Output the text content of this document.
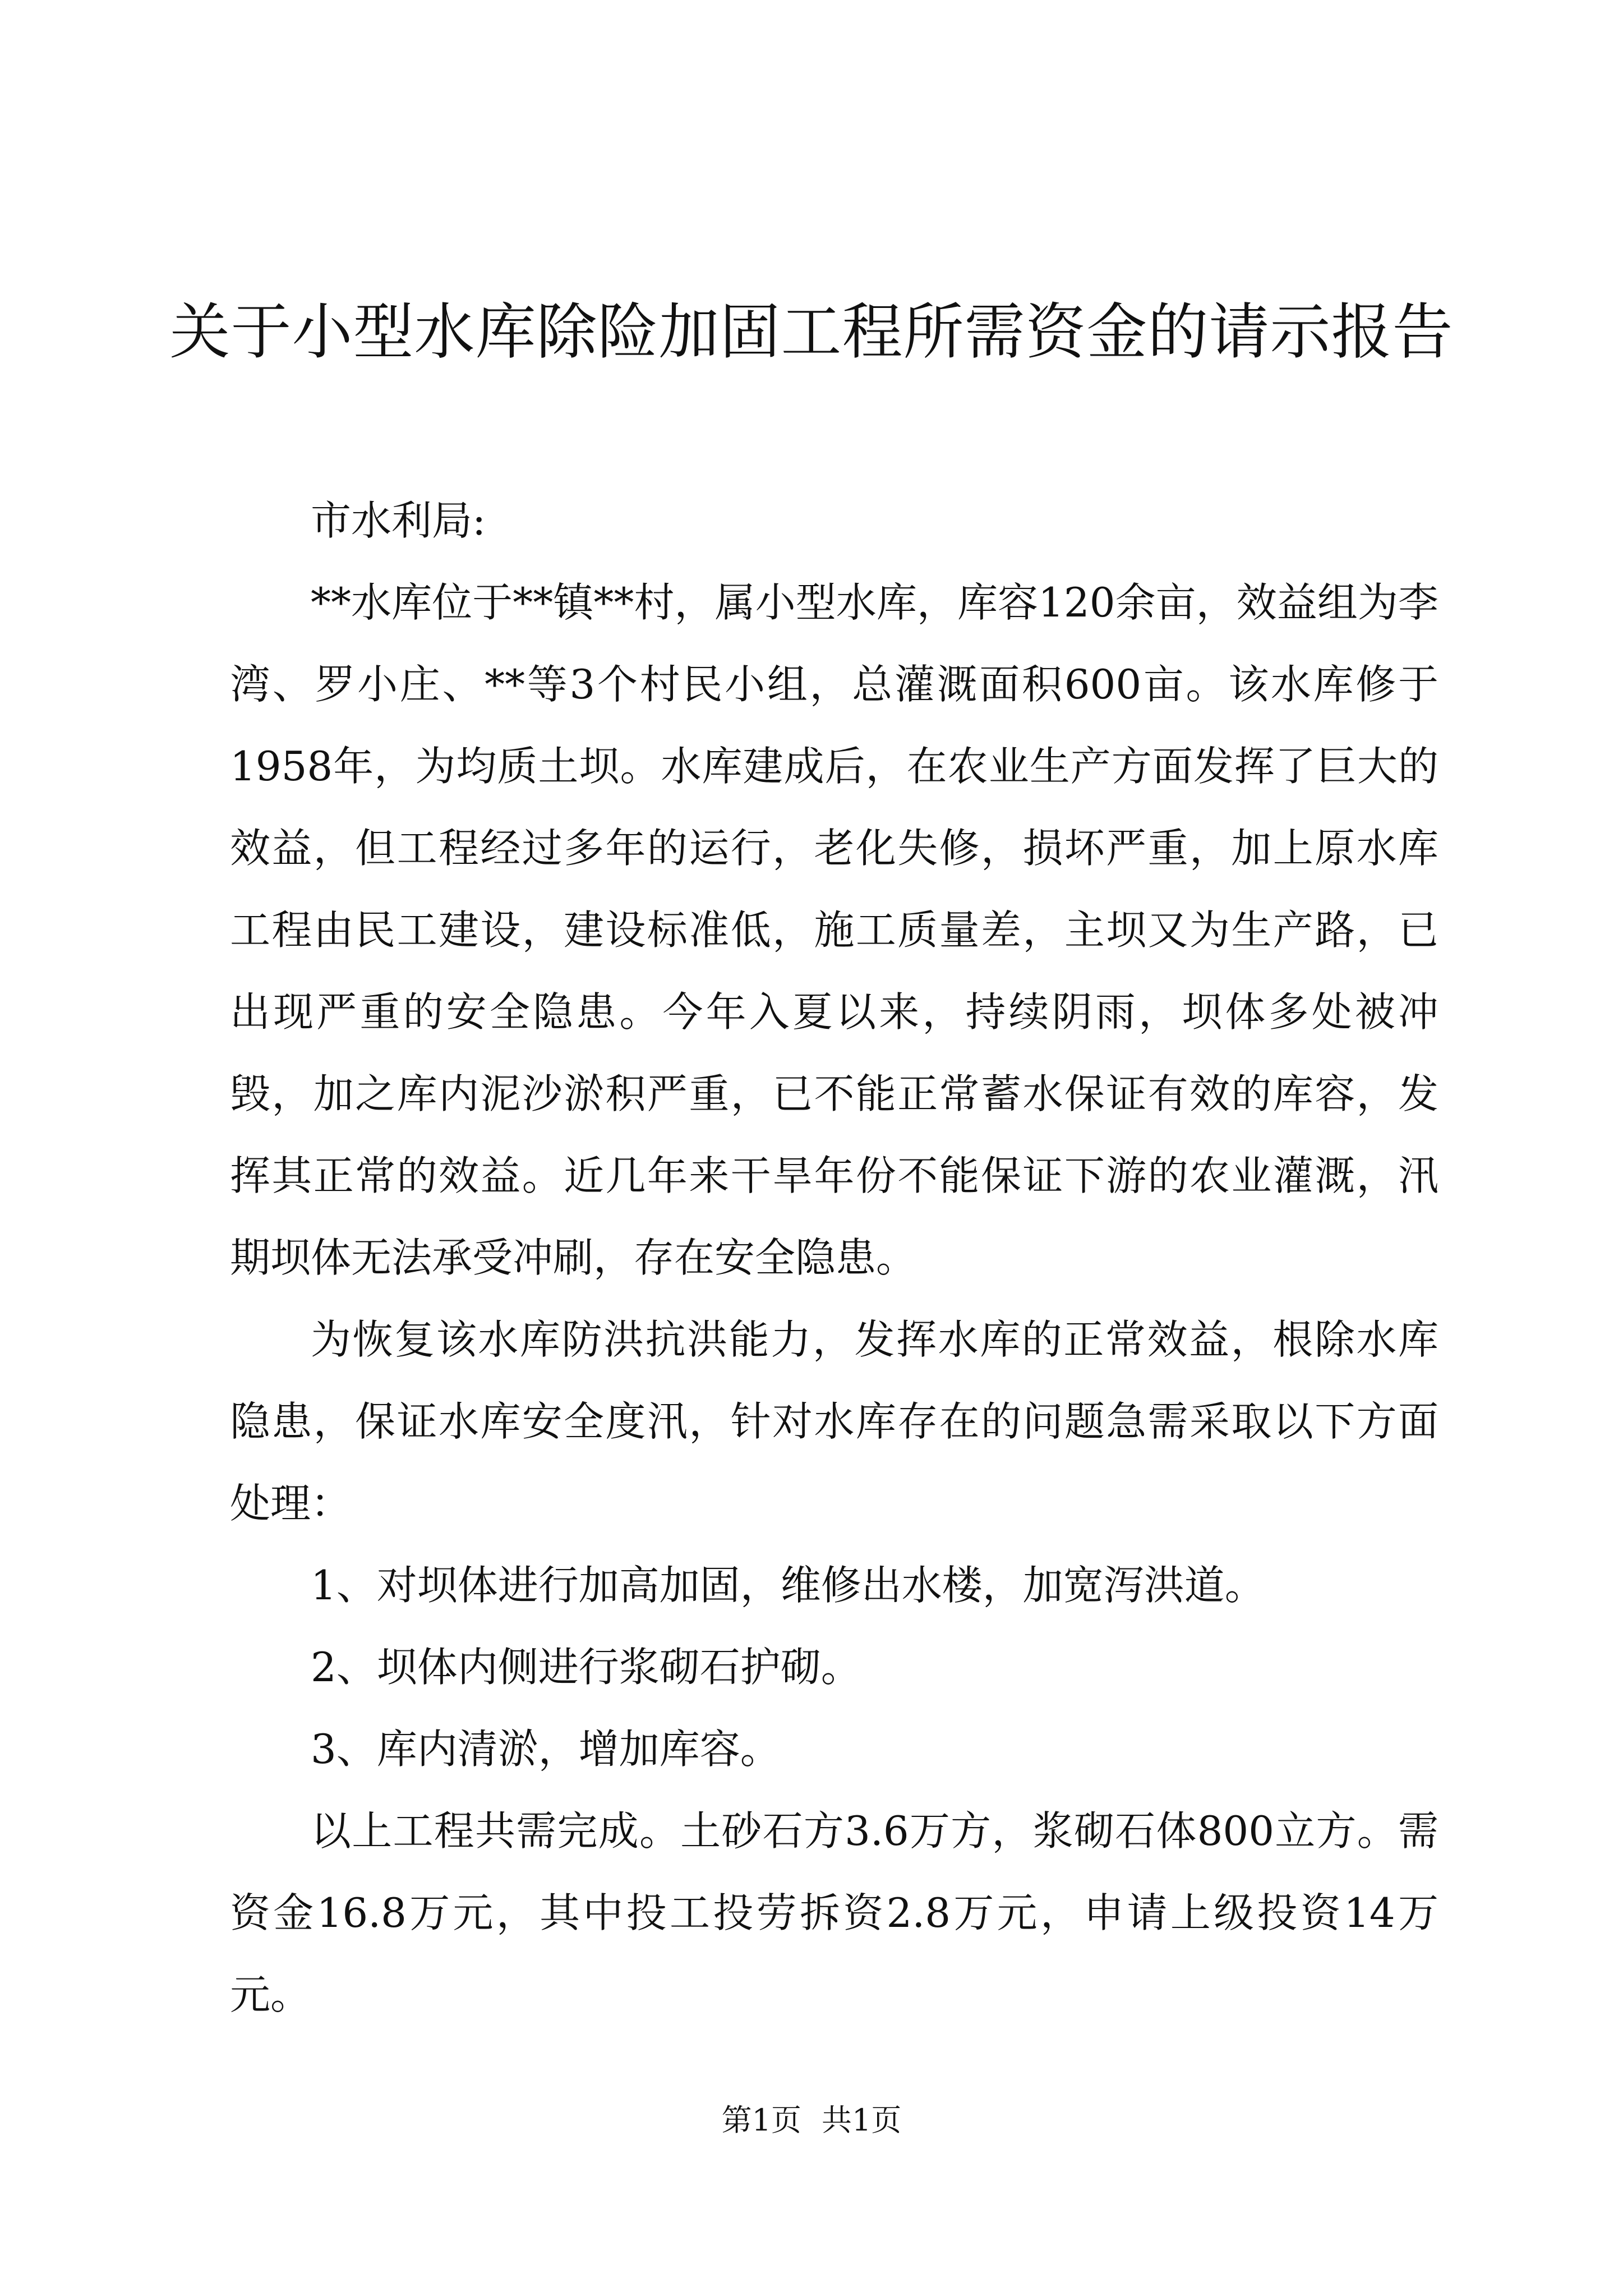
关于小型水库除险加固工程所需资金的请示报告

市水利局:

**水库位于**镇**村，属小型水库，库容120余亩，效益组为李湾、罗小庄、**等3个村民小组，总灌溉面积600亩。该水库修于1958年，为均质土坝。水库建成后，在农业生产方面发挥了巨大的效益，但工程经过多年的运行，老化失修，损坏严重，加上原水库工程由民工建设，建设标准低，施工质量差，主坝又为生产路，已出现严重的安全隐患。今年入夏以来，持续阴雨，坝体多处被冲毁，加之库内泥沙淤积严重，已不能正常蓄水保证有效的库容，发挥其正常的效益。近几年来干旱年份不能保证下游的农业灌溉，汛期坝体无法承受冲刷，存在安全隐患。

为恢复该水库防洪抗洪能力，发挥水库的正常效益，根除水库隐患，保证水库安全度汛，针对水库存在的问题急需采取以下方面处理：

1、对坝体进行加高加固，维修出水楼，加宽泻洪道。

2、坝体内侧进行浆砌石护砌。

3、库内清淤，增加库容。

以上工程共需完成。土砂石方3.6万方，浆砌石体800立方。需资金16.8万元，其中投工投劳拆资2.8万元，申请上级投资14万元。

第1页 共1页
